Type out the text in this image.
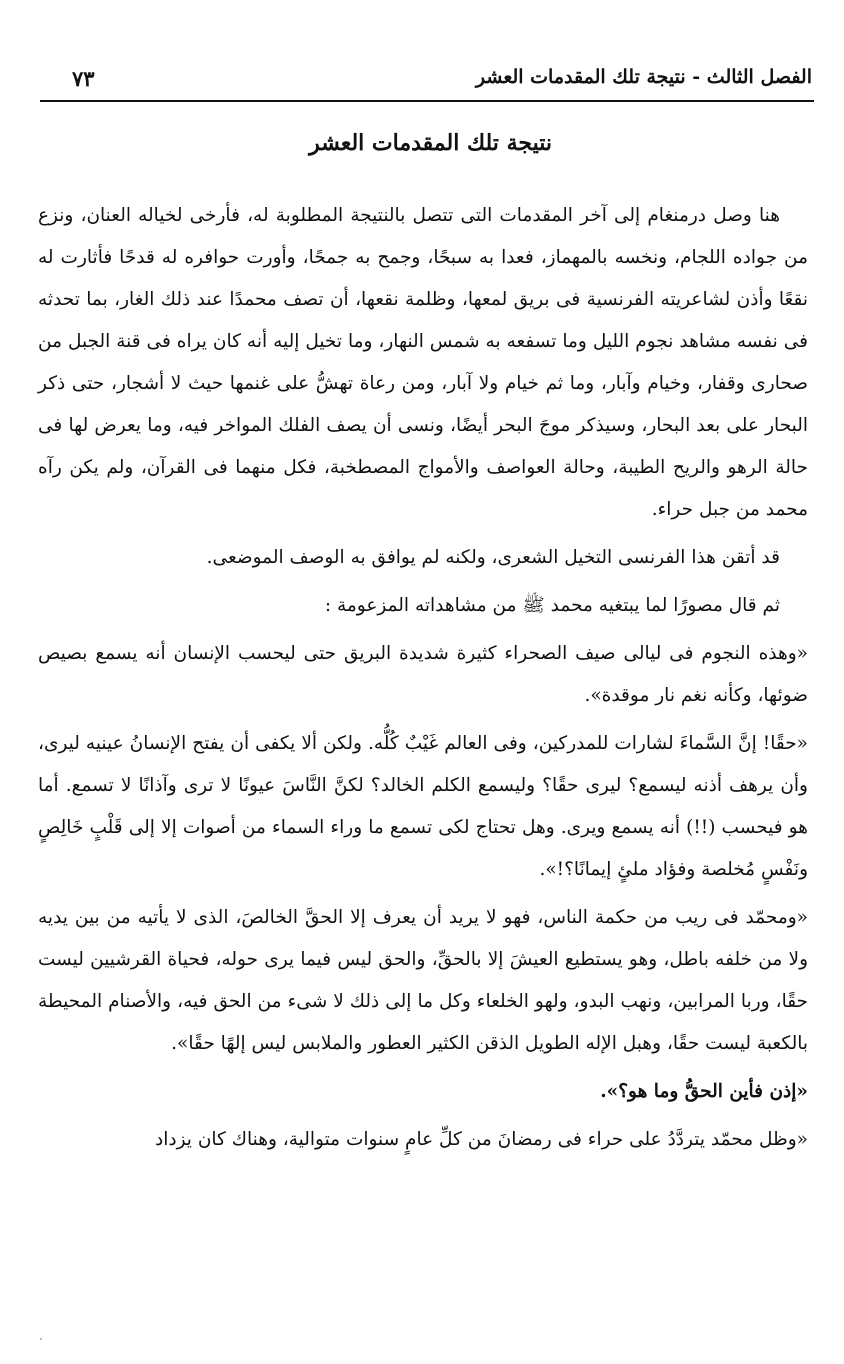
الفصل الثالث - نتيجة تلك المقدمات العشر
٧٣
نتيجة تلك المقدمات العشر

هنا وصل درمنغام إلى آخر المقدمات التى تتصل بالنتيجة المطلوبة له، فأرخى لخياله العنان، ونزع من جواده اللجام، ونخسه بالمهماز، فعدا به سبحًا، وجمح به جمحًا، وأورت حوافره له قدحًا فأثارت له نقعًا وأذن لشاعريته الفرنسية فى بريق لمعها، وظلمة نقعها، أن تصف محمدًا عند ذلك الغار، بما تحدثه فى نفسه مشاهد نجوم الليل وما تسفعه به شمس النهار، وما تخيل إليه أنه كان يراه فى قنة الجبل من صحارى وقفار، وخيام وآبار، وما ثم خيام ولا آبار، ومن رعاة تهشُّ على غنمها حيث لا أشجار، حتى ذكر البحار على بعد البحار، وسيذكر موجَ البحر أيضًا، ونسى أن يصف الفلك المواخر فيه، وما يعرض لها فى حالة الرهو والريح الطيبة، وحالة العواصف والأمواج المصطخبة، فكل منهما فى القرآن، ولم يكن رآه محمد من جبل حراء.

قد أتقن هذا الفرنسى التخيل الشعرى، ولكنه لم يوافق به الوصف الموضعى.

ثم قال مصورًا لما يبتغيه محمد ﷺ من مشاهداته المزعومة :

«وهذه النجوم فى ليالى صيف الصحراء كثيرة شديدة البريق حتى ليحسب الإنسان أنه يسمع بصيص ضوئها، وكأنه نغم نار موقدة».

«حقًا! إنَّ السَّماءَ لشارات للمدركين، وفى العالم غَيْبٌ كُلُّه. ولكن ألا يكفى أن يفتح الإنسانُ عينيه ليرى، وأن يرهف أذنه ليسمع؟ ليرى حقًا؟ وليسمع الكلم الخالد؟ لكنَّ النَّاسَ عيونًا لا ترى وآذانًا لا تسمع. أما هو فيحسب (!!) أنه يسمع ويرى. وهل تحتاج لكى تسمع ما وراء السماء من أصوات إلا إلى قَلْبٍ خَالِصٍ ونَفْسٍ مُخلصة وفؤاد ملئٍ إيمانًا؟!».

«ومحمّد فى ريب من حكمة الناس، فهو لا يريد أن يعرف إلا الحقَّ الخالصَ، الذى لا يأتيه من بين يديه ولا من خلفه باطل، وهو يستطيع العيشَ إلا بالحقِّ، والحق ليس فيما يرى حوله، فحياة القرشيين ليست حقًا، وربا المرابين، ونهب البدو، ولهو الخلعاء وكل ما إلى ذلك لا شىء من الحق فيه، والأصنام المحيطة بالكعبة ليست حقًا، وهبل الإله الطويل الذقن الكثير العطور والملابس ليس إلهًا حقًا».

«إذن فأين الحقُّ وما هو؟».

«وظل محمّد يتردَّدُ على حراء فى رمضانَ من كلِّ عامٍ سنوات متوالية، وهناك كان يزداد
